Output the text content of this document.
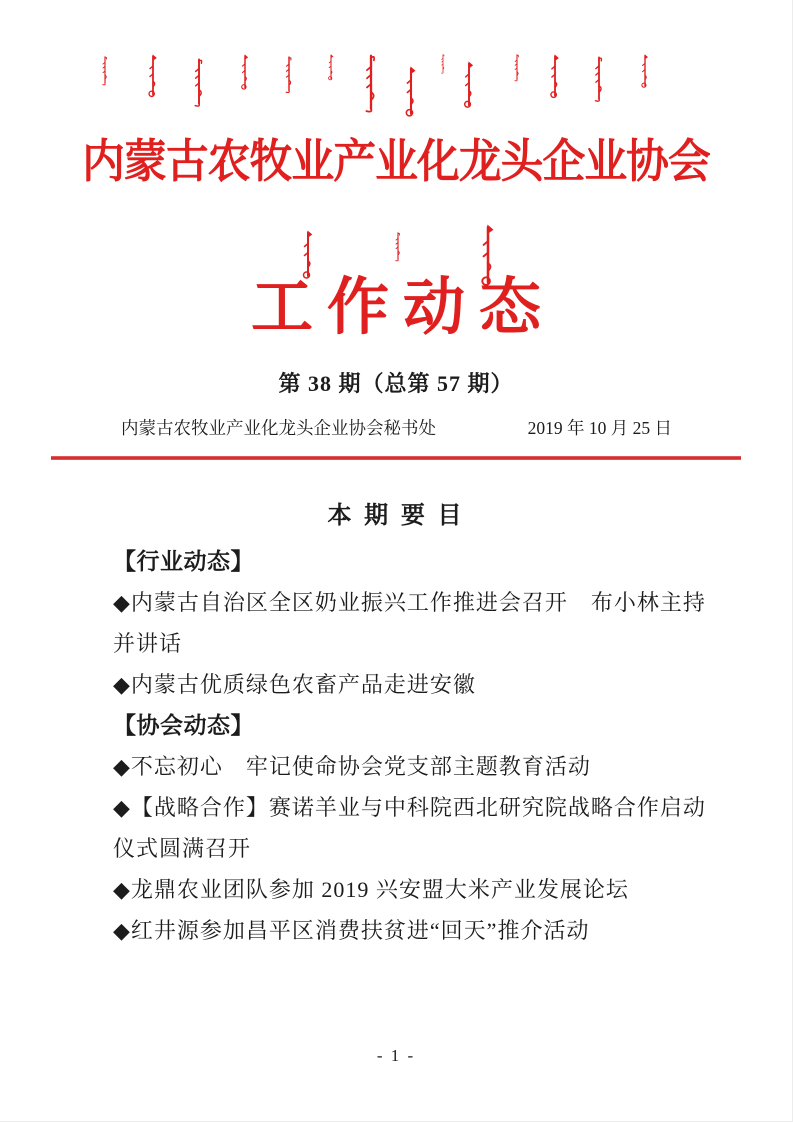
内蒙古农牧业产业化龙头企业协会
工作动态
第 38 期（总第 57 期）
内蒙古农牧业产业化龙头企业协会秘书处	2019 年 10 月 25 日
本 期 要 目
【行业动态】
◆内蒙古自治区全区奶业振兴工作推进会召开　布小林主持
并讲话
◆内蒙古优质绿色农畜产品走进安徽
【协会动态】
◆不忘初心　牢记使命协会党支部主题教育活动
◆【战略合作】赛诺羊业与中科院西北研究院战略合作启动
仪式圆满召开
◆龙鼎农业团队参加 2019 兴安盟大米产业发展论坛
◆红井源参加昌平区消费扶贫进“回天”推介活动
- 1 -
